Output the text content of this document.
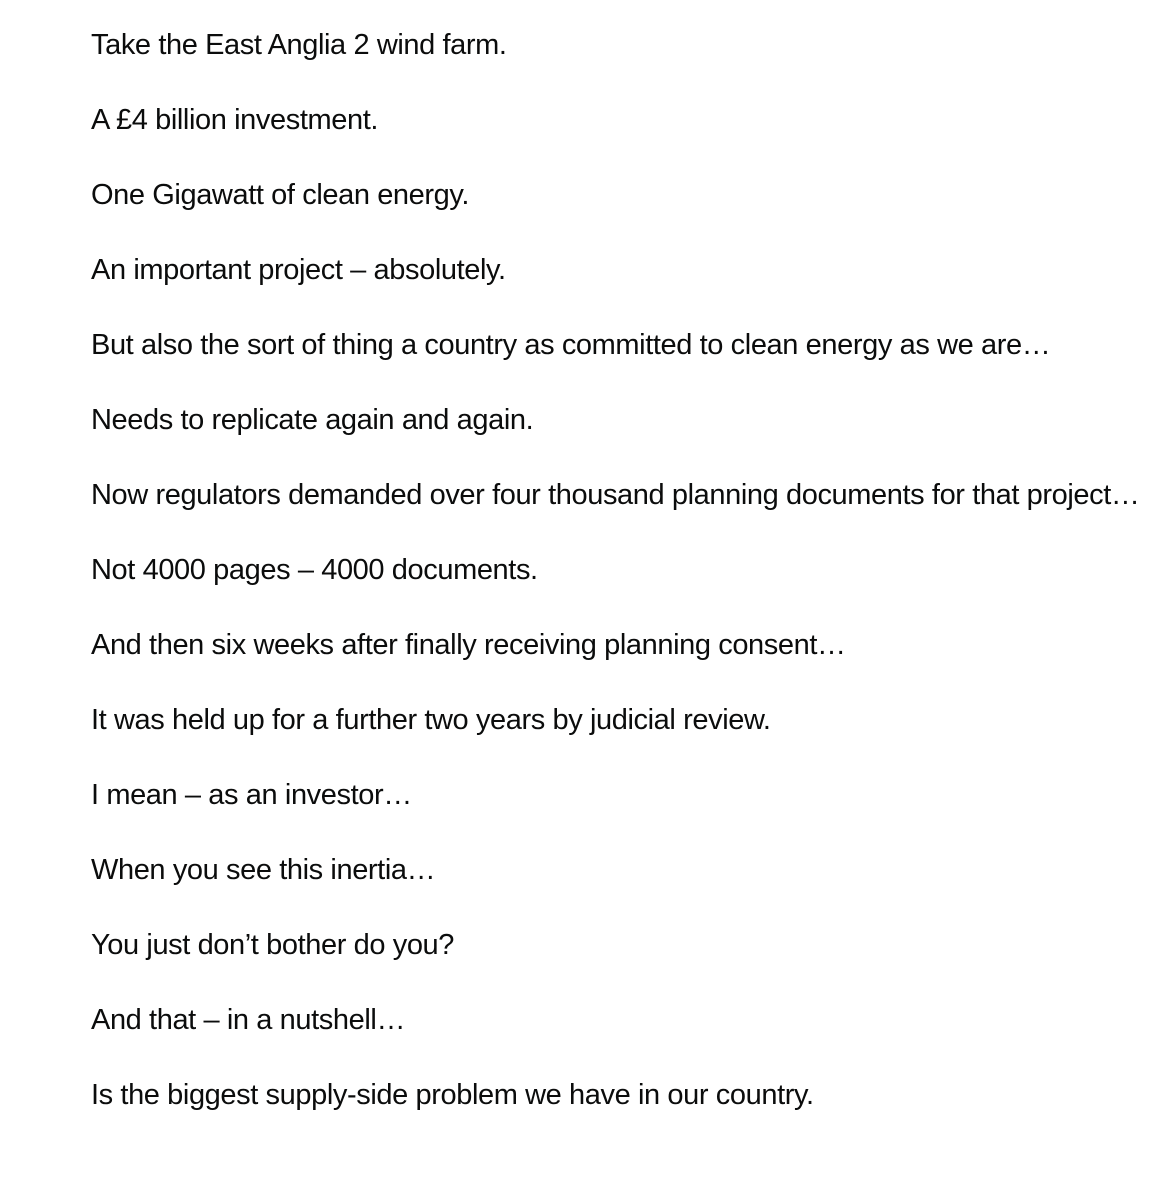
Take the East Anglia 2 wind farm.

A £4 billion investment.

One Gigawatt of clean energy.

An important project – absolutely.

But also the sort of thing a country as committed to clean energy as we are…

Needs to replicate again and again.

Now regulators demanded over four thousand planning documents for that project…

Not 4000 pages – 4000 documents.

And then six weeks after finally receiving planning consent…

It was held up for a further two years by judicial review.

I mean – as an investor…

When you see this inertia…

You just don’t bother do you?

And that – in a nutshell…

Is the biggest supply-side problem we have in our country.
